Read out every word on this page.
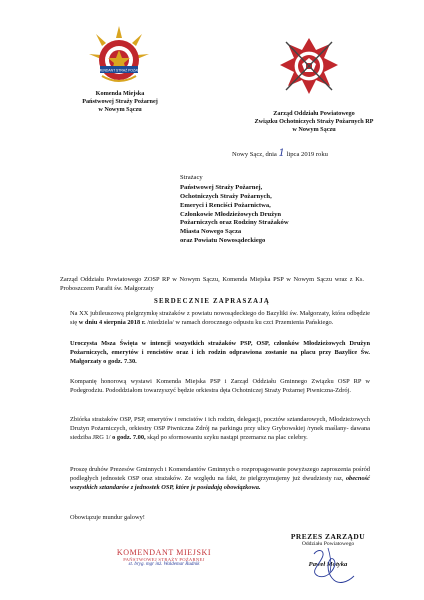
KOMENDANT STRAŻ POŻARNA
Komenda Miejska
Państwowej Straży Pożarnej
w Nowym Sączu
Zarząd Oddziału Powiatowego
Związku Ochotniczych Straży Pożarnych RP
w Nowym Sączu
Nowy Sącz, dnia 1 lipca 2019 roku
Strażacy
Państwowej Straży Pożarnej,
Ochotniczych Straży Pożarnych,
Emeryci i Renciści Pożarnictwa,
Członkowie Młodzieżowych Drużyn
Pożarniczych oraz Rodziny Strażaków
Miasta Nowego Sącza
oraz Powiatu Nowosądeckiego

Zarząd Oddziału Powiatowego ZOSP RP w Nowym Sączu, Komenda Miejska PSP w Nowym Sączu wraz z Ks. Proboszczem Parafii św. Małgorzaty

SERDECZNIE ZAPRASZAJĄ

Na XX jubileuszową pielgrzymkę strażaków z powiatu nowosądeckiego do Bazyliki św. Małgorzaty, która odbędzie się w dniu 4 sierpnia 2018 r. /niedziela/ w ramach dorocznego odpustu ku czci Przemienia Pańskiego.

Uroczysta Msza Święta w intencji wszystkich strażaków PSP, OSP, członków Młodzieżowych Drużyn Pożarniczych, emerytów i rencistów oraz i ich rodzin odprawiona zostanie na placu przy Bazylice Św. Małgorzaty o godz. 7.30.

Kompanię honorową wystawi Komenda Miejska PSP i Zarząd Oddziału Gminnego Związku OSP RP w Podegrodziu. Pododdziałom towarzyszyć będzie orkiestra dęta Ochotniczej Straży Pożarnej Piwniczna-Zdrój.

Zbiórka strażaków OSP, PSP, emerytów i rencistów i ich rodzin, delegacji, pocztów sztandarowych, Młodzieżowych Drużyn Pożarniczych, orkiestry OSP Piwniczna Zdrój na parkingu przy ulicy Grybowskiej /rynek maślany- dawana siedziba JRG 1/ o godz. 7.00, skąd po sformowaniu szyku nastąpi przemarsz na plac celebry.

Proszę druhów Prezesów Gminnych i Komendantów Gminnych o rozpropagowanie powyższego zaproszenia pośród podległych jednostek OSP oraz strażaków. Ze względu na fakt, że pielgrzymujemy już dwudziesty raz, obecność wszystkich sztandarów z jednostek OSP, które je posiadają obowiązkowa.

Obowiązuje mundur galowy!
KOMENDANT MIEJSKI
PAŃSTWOWEJ STRAŻY POŻARNEJ
st. bryg. mgr inż. Waldemar Rudnik
PREZES ZARZĄDU
Oddziału Powiatowego
Paweł Motyka
